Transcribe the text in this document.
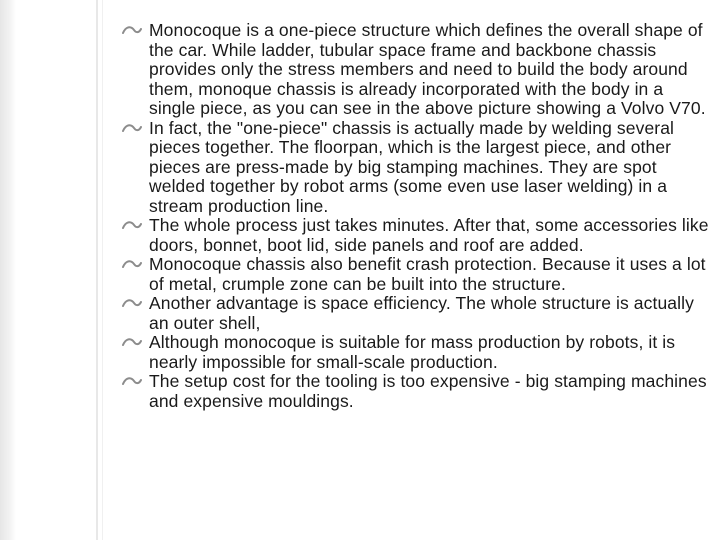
Monocoque is a one-piece structure which defines the overall shape of the car. While ladder, tubular space frame and backbone chassis provides only the stress members and need to build the body around them, monoque chassis is already incorporated with the body in a single piece, as you can see in the above picture showing a Volvo V70.
In fact, the "one-piece" chassis is actually made by welding several pieces together. The floorpan, which is the largest piece, and other pieces are press-made by big stamping machines. They are spot welded together by robot arms (some even use laser welding) in a stream production line.
The whole process just takes minutes. After that, some accessories like doors, bonnet, boot lid, side panels and roof are added.
Monocoque chassis also benefit crash protection. Because it uses a lot of metal, crumple zone can be built into the structure.
Another advantage is space efficiency. The whole structure is actually an outer shell,
Although monocoque is suitable for mass production by robots, it is nearly impossible for small-scale production.
The setup cost for the tooling is too expensive - big stamping machines and expensive mouldings.
